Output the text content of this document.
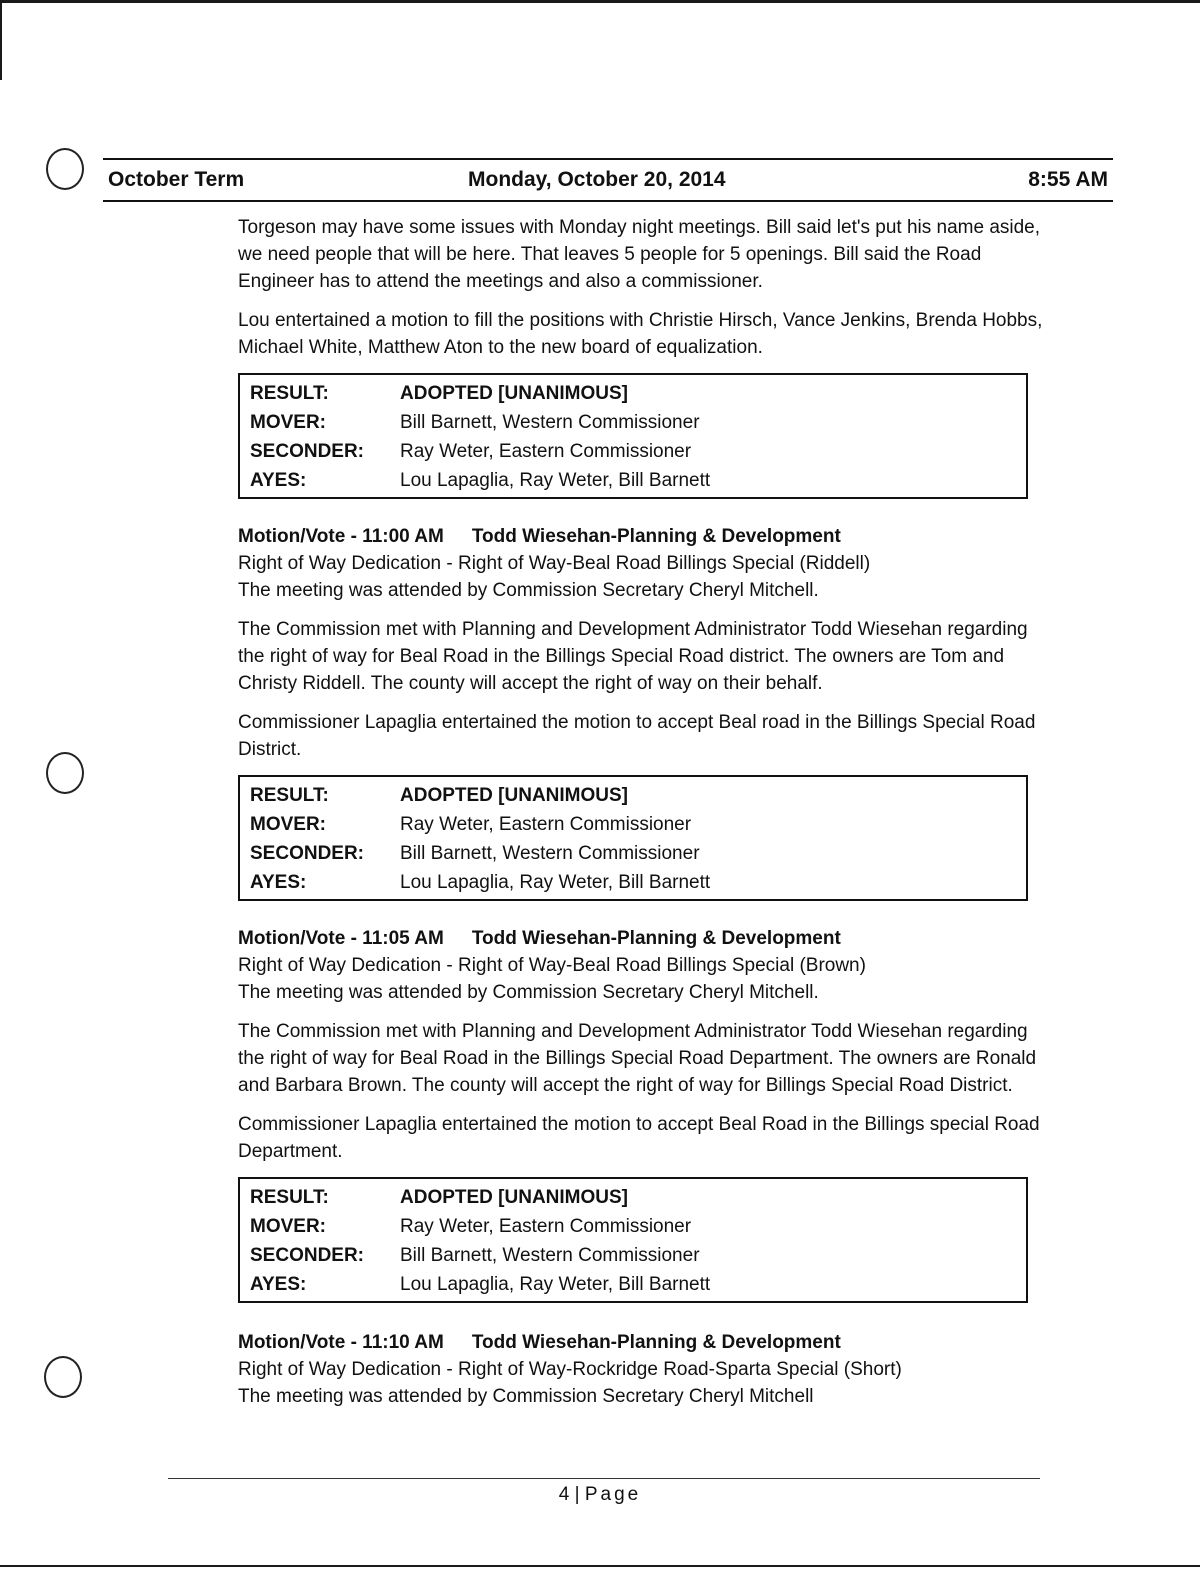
October Term	Monday, October 20, 2014	8:55 AM

Torgeson may have some issues with Monday night meetings. Bill said let's put his name aside, we need people that will be here. That leaves 5 people for 5 openings. Bill said the Road Engineer has to attend the meetings and also a commissioner.

Lou entertained a motion to fill the positions with Christie Hirsch, Vance Jenkins, Brenda Hobbs, Michael White, Matthew Aton to the new board of equalization.

RESULT:	ADOPTED [UNANIMOUS]
MOVER:	Bill Barnett, Western Commissioner
SECONDER:	Ray Weter, Eastern Commissioner
AYES:	Lou Lapaglia, Ray Weter, Bill Barnett
Motion/Vote - 11:00 AM Todd Wiesehan-Planning & Development
Right of Way Dedication - Right of Way-Beal Road Billings Special (Riddell)
The meeting was attended by Commission Secretary Cheryl Mitchell.

The Commission met with Planning and Development Administrator Todd Wiesehan regarding the right of way for Beal Road in the Billings Special Road district. The owners are Tom and Christy Riddell. The county will accept the right of way on their behalf.

Commissioner Lapaglia entertained the motion to accept Beal road in the Billings Special Road District.

RESULT:	ADOPTED [UNANIMOUS]
MOVER:	Ray Weter, Eastern Commissioner
SECONDER:	Bill Barnett, Western Commissioner
AYES:	Lou Lapaglia, Ray Weter, Bill Barnett
Motion/Vote - 11:05 AM Todd Wiesehan-Planning & Development
Right of Way Dedication - Right of Way-Beal Road Billings Special (Brown)
The meeting was attended by Commission Secretary Cheryl Mitchell.

The Commission met with Planning and Development Administrator Todd Wiesehan regarding the right of way for Beal Road in the Billings Special Road Department. The owners are Ronald and Barbara Brown. The county will accept the right of way for Billings Special Road District.

Commissioner Lapaglia entertained the motion to accept Beal Road in the Billings special Road Department.

RESULT:	ADOPTED [UNANIMOUS]
MOVER:	Ray Weter, Eastern Commissioner
SECONDER:	Bill Barnett, Western Commissioner
AYES:	Lou Lapaglia, Ray Weter, Bill Barnett
Motion/Vote - 11:10 AM Todd Wiesehan-Planning & Development
Right of Way Dedication - Right of Way-Rockridge Road-Sparta Special (Short)
The meeting was attended by Commission Secretary Cheryl Mitchell
4 | Page
